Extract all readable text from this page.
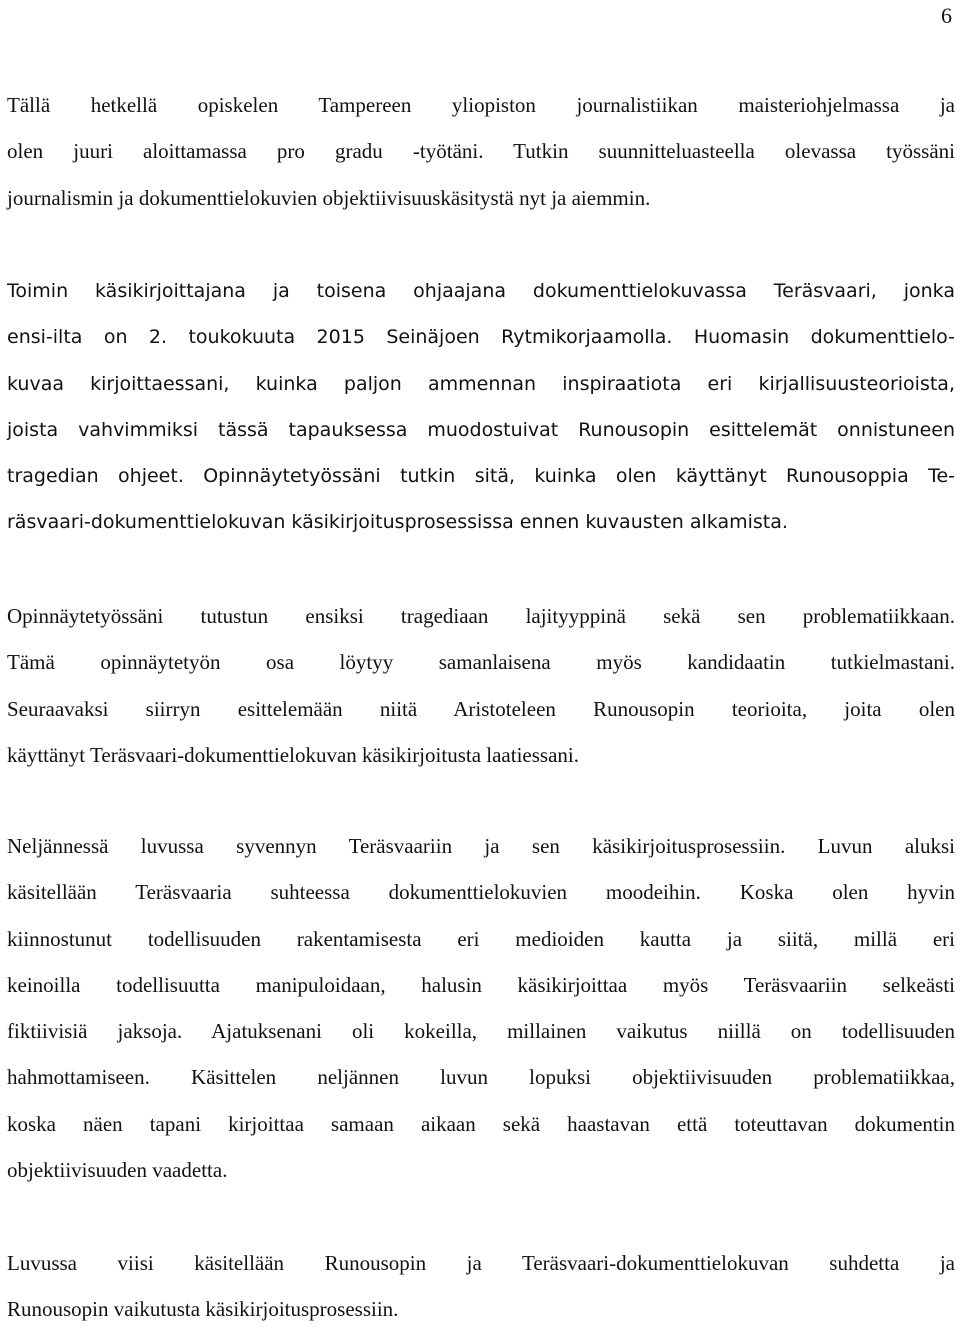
6
Tällä hetkellä opiskelen Tampereen yliopiston journalistiikan maisteriohjelmassa ja
olen juuri aloittamassa pro gradu -työtäni. Tutkin suunnitteluasteella olevassa työssäni
journalismin ja dokumenttielokuvien objektiivisuuskäsitystä nyt ja aiemmin.
Toimin käsikirjoittajana ja toisena ohjaajana dokumenttielokuvassa Teräsvaari, jonka
ensi-ilta on 2. toukokuuta 2015 Seinäjoen Rytmikorjaamolla. Huomasin dokumenttielo-
kuvaa kirjoittaessani, kuinka paljon ammennan inspiraatiota eri kirjallisuusteorioista,
joista vahvimmiksi tässä tapauksessa muodostuivat Runousopin esittelemät onnistuneen
tragedian ohjeet. Opinnäytetyössäni tutkin sitä, kuinka olen käyttänyt Runousoppia Te-
räsvaari-dokumenttielokuvan käsikirjoitusprosessissa ennen kuvausten alkamista.
Opinnäytetyössäni tutustun ensiksi tragediaan lajityyppinä sekä sen problematiikkaan.
Tämä opinnäytetyön osa löytyy samanlaisena myös kandidaatin tutkielmastani.
Seuraavaksi siirryn esittelemään niitä Aristoteleen Runousopin teorioita, joita olen
käyttänyt Teräsvaari-dokumenttielokuvan käsikirjoitusta laatiessani.
Neljännessä luvussa syvennyn Teräsvaariin ja sen käsikirjoitusprosessiin. Luvun aluksi
käsitellään Teräsvaaria suhteessa dokumenttielokuvien moodeihin. Koska olen hyvin
kiinnostunut todellisuuden rakentamisesta eri medioiden kautta ja siitä, millä eri
keinoilla todellisuutta manipuloidaan, halusin käsikirjoittaa myös Teräsvaariin selkeästi
fiktiivisiä jaksoja. Ajatuksenani oli kokeilla, millainen vaikutus niillä on todellisuuden
hahmottamiseen. Käsittelen neljännen luvun lopuksi objektiivisuuden problematiikkaa,
koska näen tapani kirjoittaa samaan aikaan sekä haastavan että toteuttavan dokumentin
objektiivisuuden vaadetta.
Luvussa viisi käsitellään Runousopin ja Teräsvaari-dokumenttielokuvan suhdetta ja
Runousopin vaikutusta käsikirjoitusprosessiin.
